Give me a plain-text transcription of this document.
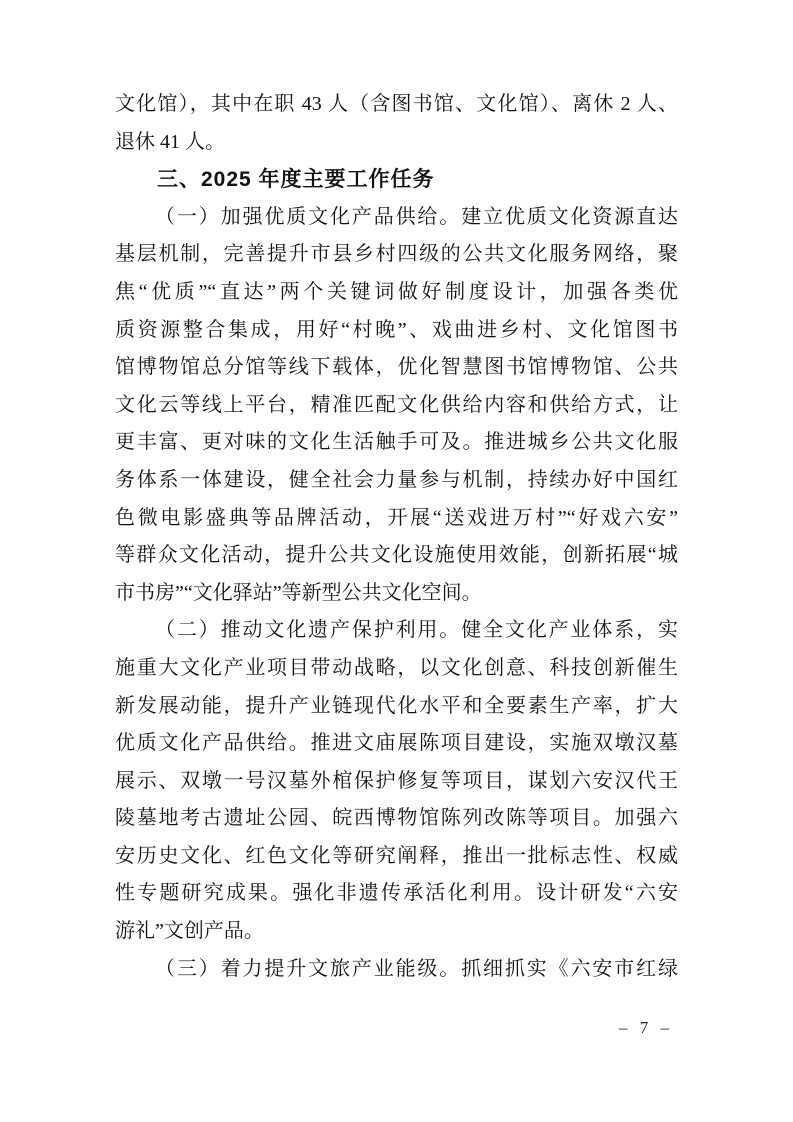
文化馆），其中在职 43 人（含图书馆、文化馆）、离休 2 人、
退休 41 人。
三、2025 年度主要工作任务
（一）加强优质文化产品供给。建立优质文化资源直达
基层机制，完善提升市县乡村四级的公共文化服务网络，聚
焦“优质”“直达”两个关键词做好制度设计，加强各类优
质资源整合集成，用好“村晚”、戏曲进乡村、文化馆图书
馆博物馆总分馆等线下载体，优化智慧图书馆博物馆、公共
文化云等线上平台，精准匹配文化供给内容和供给方式，让
更丰富、更对味的文化生活触手可及。推进城乡公共文化服
务体系一体建设，健全社会力量参与机制，持续办好中国红
色微电影盛典等品牌活动，开展“送戏进万村”“好戏六安”
等群众文化活动，提升公共文化设施使用效能，创新拓展“城
市书房”“文化驿站”等新型公共文化空间。
（二）推动文化遗产保护利用。健全文化产业体系，实
施重大文化产业项目带动战略，以文化创意、科技创新催生
新发展动能，提升产业链现代化水平和全要素生产率，扩大
优质文化产品供给。推进文庙展陈项目建设，实施双墩汉墓
展示、双墩一号汉墓外棺保护修复等项目，谋划六安汉代王
陵墓地考古遗址公园、皖西博物馆陈列改陈等项目。加强六
安历史文化、红色文化等研究阐释，推出一批标志性、权威
性专题研究成果。强化非遗传承活化利用。设计研发“六安
游礼”文创产品。
（三）着力提升文旅产业能级。抓细抓实《六安市红绿
– 7 –
